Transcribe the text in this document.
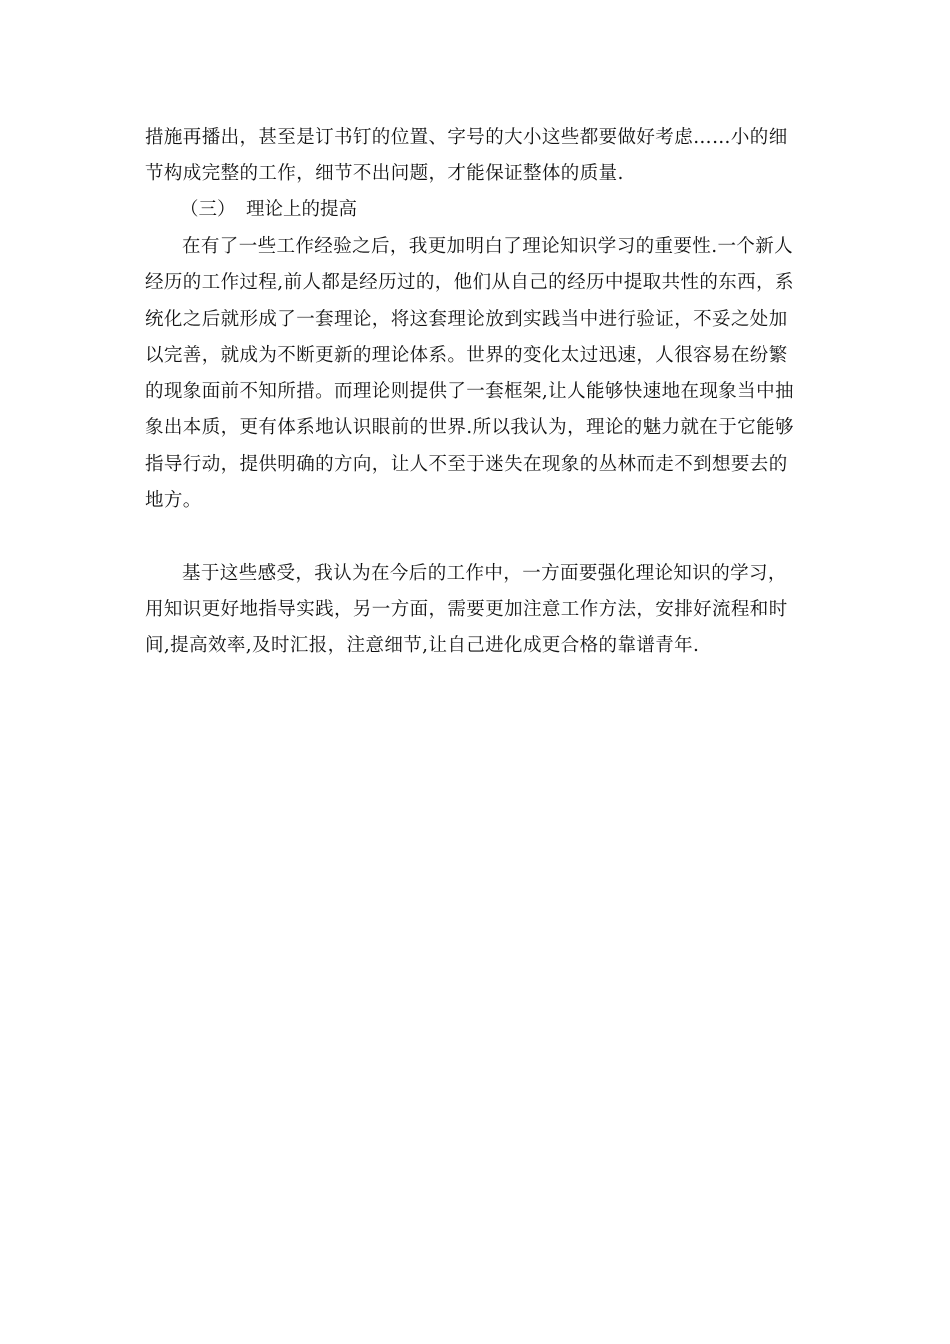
措施再播出，甚至是订书钉的位置、字号的大小这些都要做好考虑……小的细
节构成完整的工作，细节不出问题，才能保证整体的质量.
（三） 理论上的提高
在有了一些工作经验之后，我更加明白了理论知识学习的重要性.一个新人
经历的工作过程,前人都是经历过的，他们从自己的经历中提取共性的东西，系
统化之后就形成了一套理论，将这套理论放到实践当中进行验证，不妥之处加
以完善，就成为不断更新的理论体系。世界的变化太过迅速，人很容易在纷繁
的现象面前不知所措。而理论则提供了一套框架,让人能够快速地在现象当中抽
象出本质，更有体系地认识眼前的世界.所以我认为，理论的魅力就在于它能够
指导行动，提供明确的方向，让人不至于迷失在现象的丛林而走不到想要去的
地方。
基于这些感受，我认为在今后的工作中，一方面要强化理论知识的学习，
用知识更好地指导实践，另一方面，需要更加注意工作方法，安排好流程和时
间,提高效率,及时汇报，注意细节,让自己进化成更合格的靠谱青年.
